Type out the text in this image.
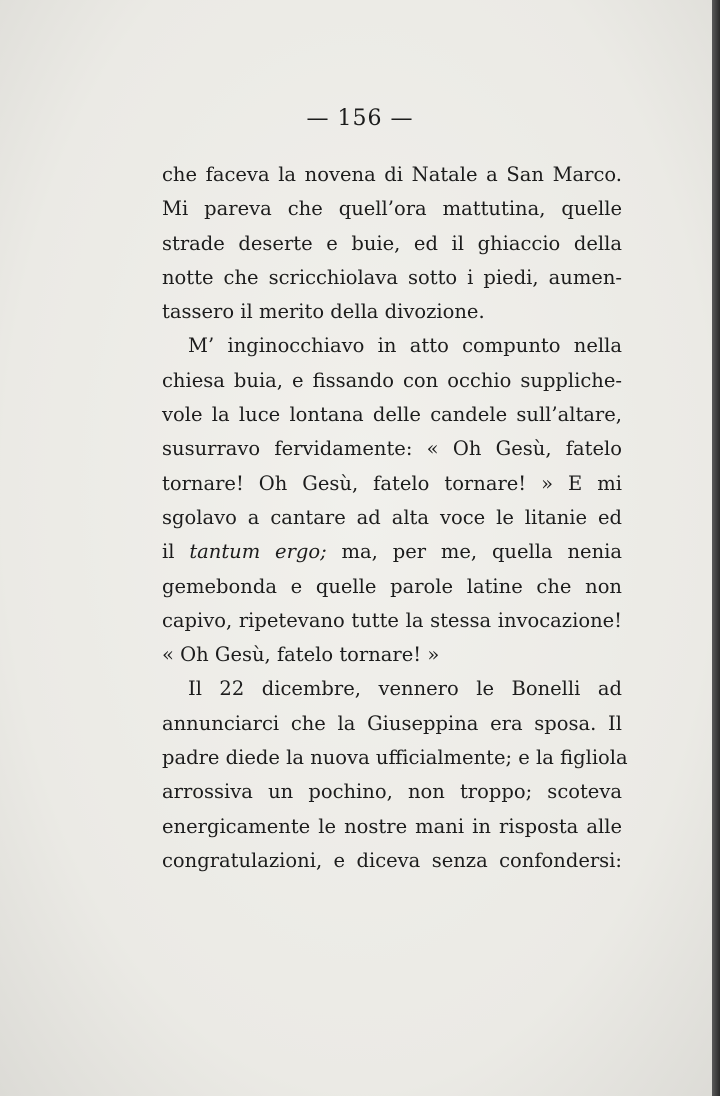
— 156 —
che faceva la novena di Natale a San Marco.
Mi pareva che quell’ora mattutina, quelle
strade deserte e buie, ed il ghiaccio della
notte che scricchiolava sotto i piedi, aumen-
tassero il merito della divozione.
M’ inginocchiavo in atto compunto nella
chiesa buia, e fissando con occhio suppliche-
vole la luce lontana delle candele sull’altare,
susurravo fervidamente: « Oh Gesù, fatelo
tornare! Oh Gesù, fatelo tornare! » E mi
sgolavo a cantare ad alta voce le litanie ed
il tantum ergo; ma, per me, quella nenia
gemebonda e quelle parole latine che non
capivo, ripetevano tutte la stessa invocazione!
« Oh Gesù, fatelo tornare! »
Il 22 dicembre, vennero le Bonelli ad
annunciarci che la Giuseppina era sposa. Il
padre diede la nuova ufficialmente; e la figliola
arrossiva un pochino, non troppo; scoteva
energicamente le nostre mani in risposta alle
congratulazioni, e diceva senza confondersi:
